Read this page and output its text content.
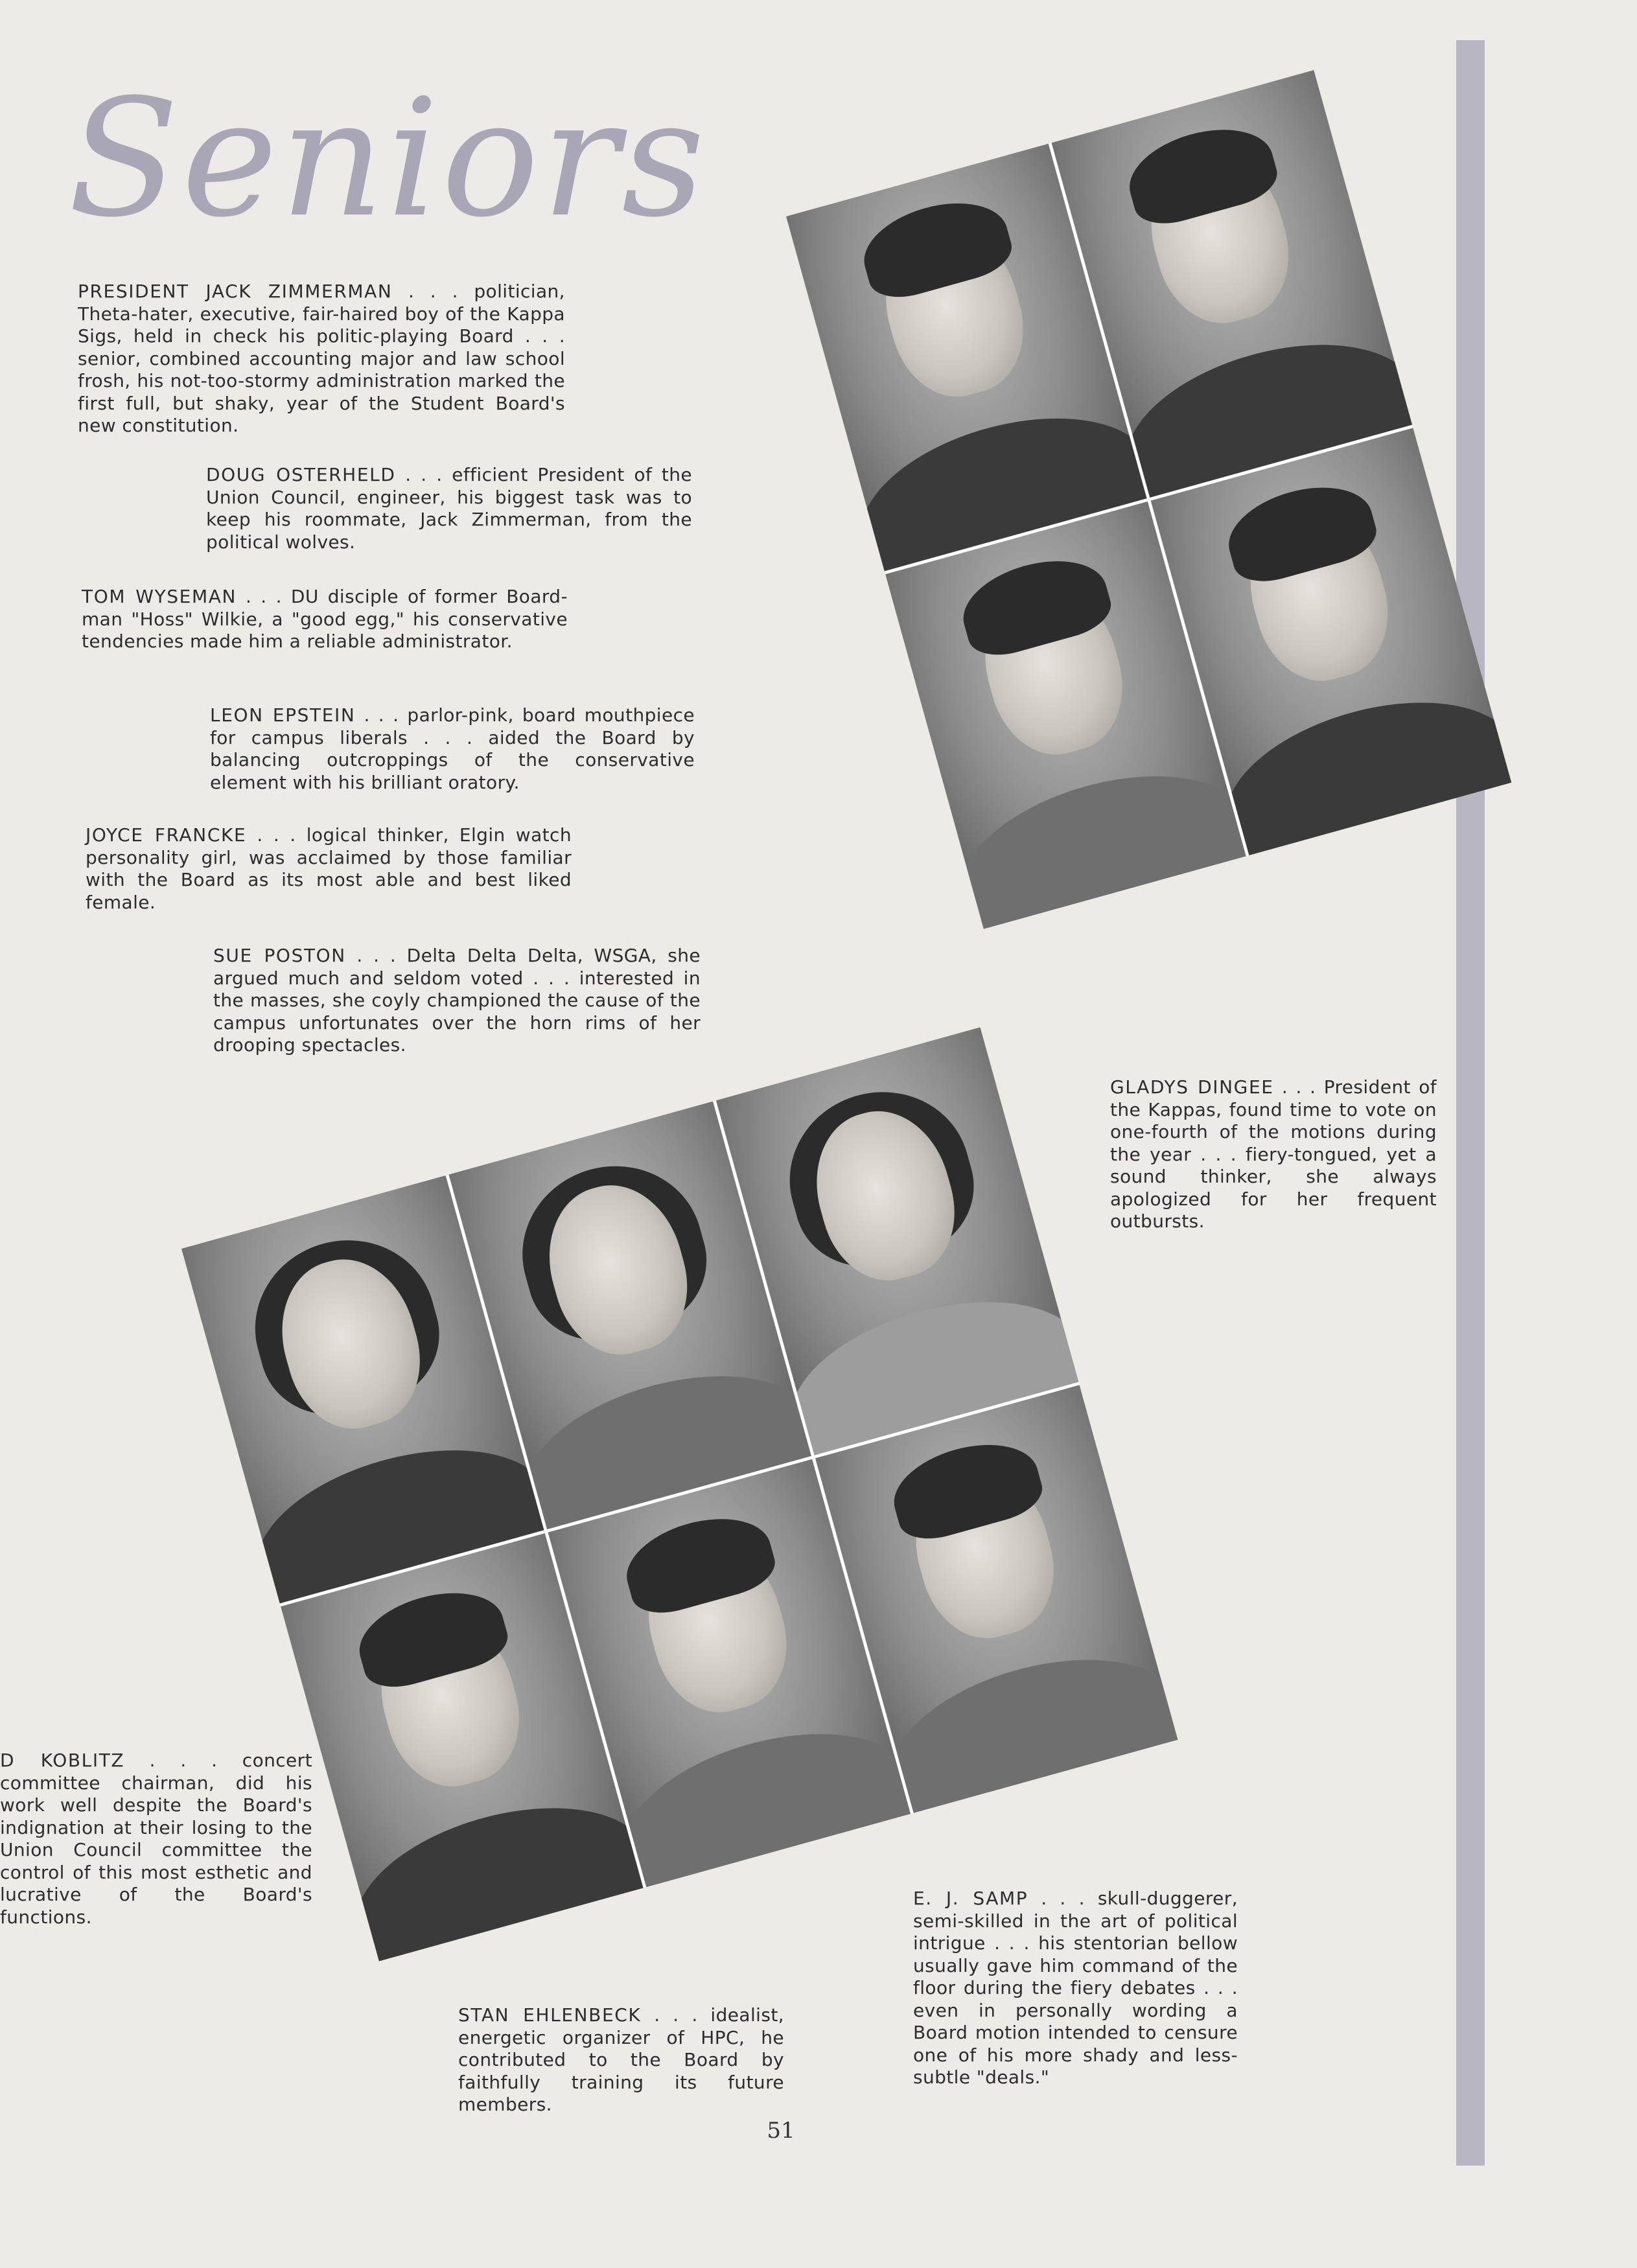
Seniors

PRESIDENT JACK ZIMMERMAN . . . politician, Theta-hater, executive, fair-haired boy of the Kappa Sigs, held in check his politic-playing Board . . . senior, combined accounting major and law school frosh, his not-too-stormy administration marked the first full, but shaky, year of the Student Board's new constitution.

DOUG OSTERHELD . . . efficient President of the Union Council, engineer, his biggest task was to keep his roommate, Jack Zimmerman, from the political wolves.

TOM WYSEMAN . . . DU disciple of former Board-man "Hoss" Wilkie, a "good egg," his conservative tendencies made him a reliable administrator.

LEON EPSTEIN . . . parlor-pink, board mouthpiece for campus liberals . . . aided the Board by balancing outcroppings of the conservative element with his brilliant oratory.

JOYCE FRANCKE . . . logical thinker, Elgin watch personality girl, was acclaimed by those familiar with the Board as its most able and best liked female.

SUE POSTON . . . Delta Delta Delta, WSGA, she argued much and seldom voted . . . interested in the masses, she coyly championed the cause of the campus unfortunates over the horn rims of her drooping spectacles.

GLADYS DINGEE . . . President of the Kappas, found time to vote on one-fourth of the motions during the year . . . fiery-tongued, yet a sound thinker, she always apologized for her frequent outbursts.

D KOBLITZ . . . concert committee chairman, did his work well despite the Board's indignation at their losing to the Union Council committee the control of this most esthetic and lucrative of the Board's functions.

STAN EHLENBECK . . . idealist, energetic organizer of HPC, he contributed to the Board by faithfully training its future members.

E. J. SAMP . . . skull-duggerer, semi-skilled in the art of political intrigue . . . his stentorian bellow usually gave him command of the floor during the fiery debates . . . even in personally wording a Board motion intended to censure one of his more shady and less-subtle "deals."

51
